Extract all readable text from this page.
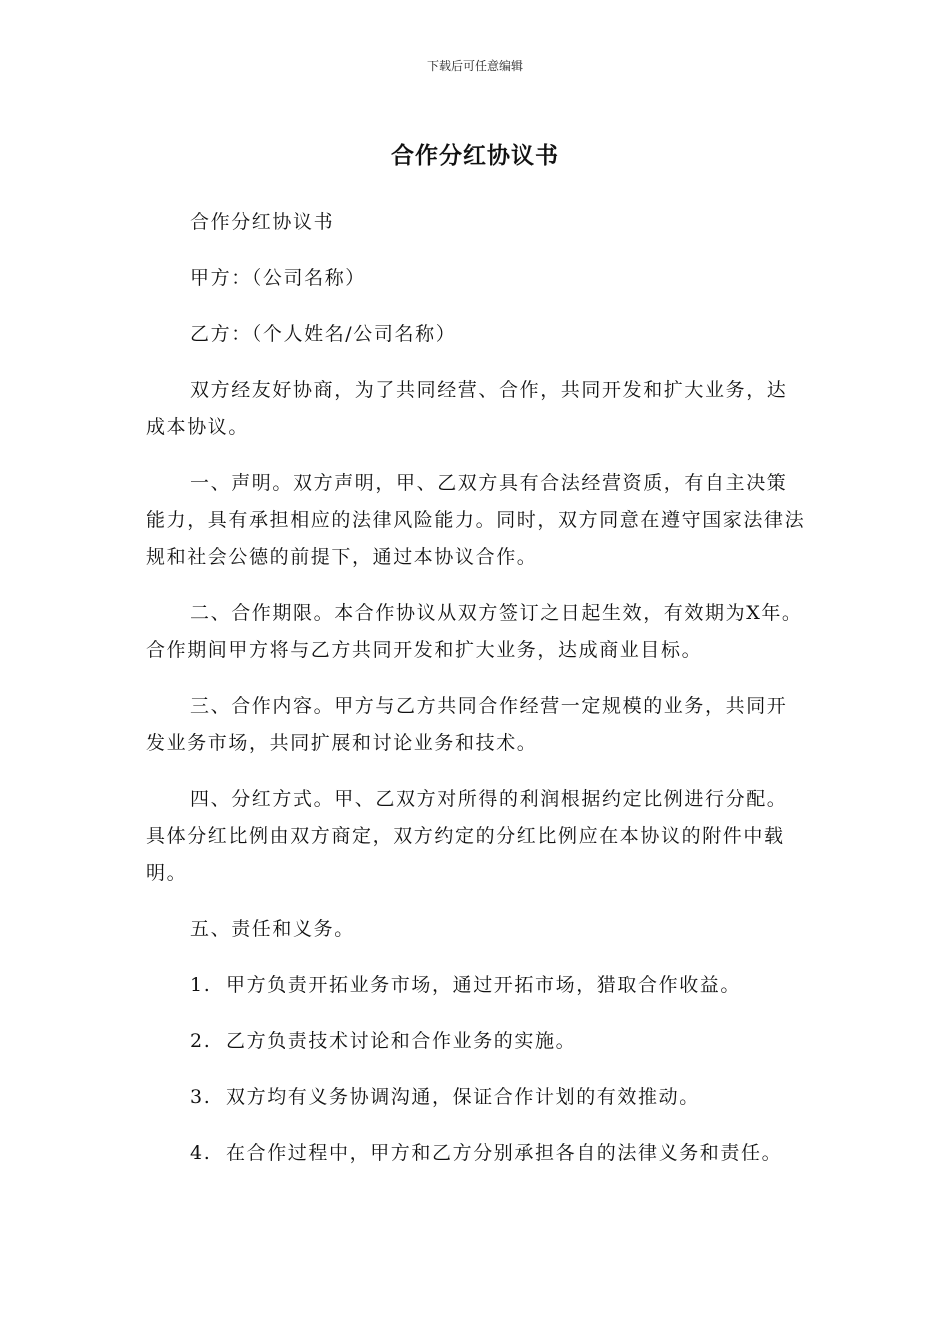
下载后可任意编辑
合作分红协议书

合作分红协议书

甲方：（公司名称）

乙方：（个人姓名/公司名称）

双方经友好协商，为了共同经营、合作，共同开发和扩大业务，达成本协议。

一、声明。双方声明，甲、乙双方具有合法经营资质，有自主决策能力，具有承担相应的法律风险能力。同时，双方同意在遵守国家法律法规和社会公德的前提下，通过本协议合作。

二、合作期限。本合作协议从双方签订之日起生效，有效期为X年。合作期间甲方将与乙方共同开发和扩大业务，达成商业目标。

三、合作内容。甲方与乙方共同合作经营一定规模的业务，共同开发业务市场，共同扩展和讨论业务和技术。

四、分红方式。甲、乙双方对所得的利润根据约定比例进行分配。具体分红比例由双方商定，双方约定的分红比例应在本协议的附件中载明。

五、责任和义务。

1. 甲方负责开拓业务市场，通过开拓市场，猎取合作收益。

2. 乙方负责技术讨论和合作业务的实施。

3. 双方均有义务协调沟通，保证合作计划的有效推动。

4. 在合作过程中，甲方和乙方分别承担各自的法律义务和责任。
